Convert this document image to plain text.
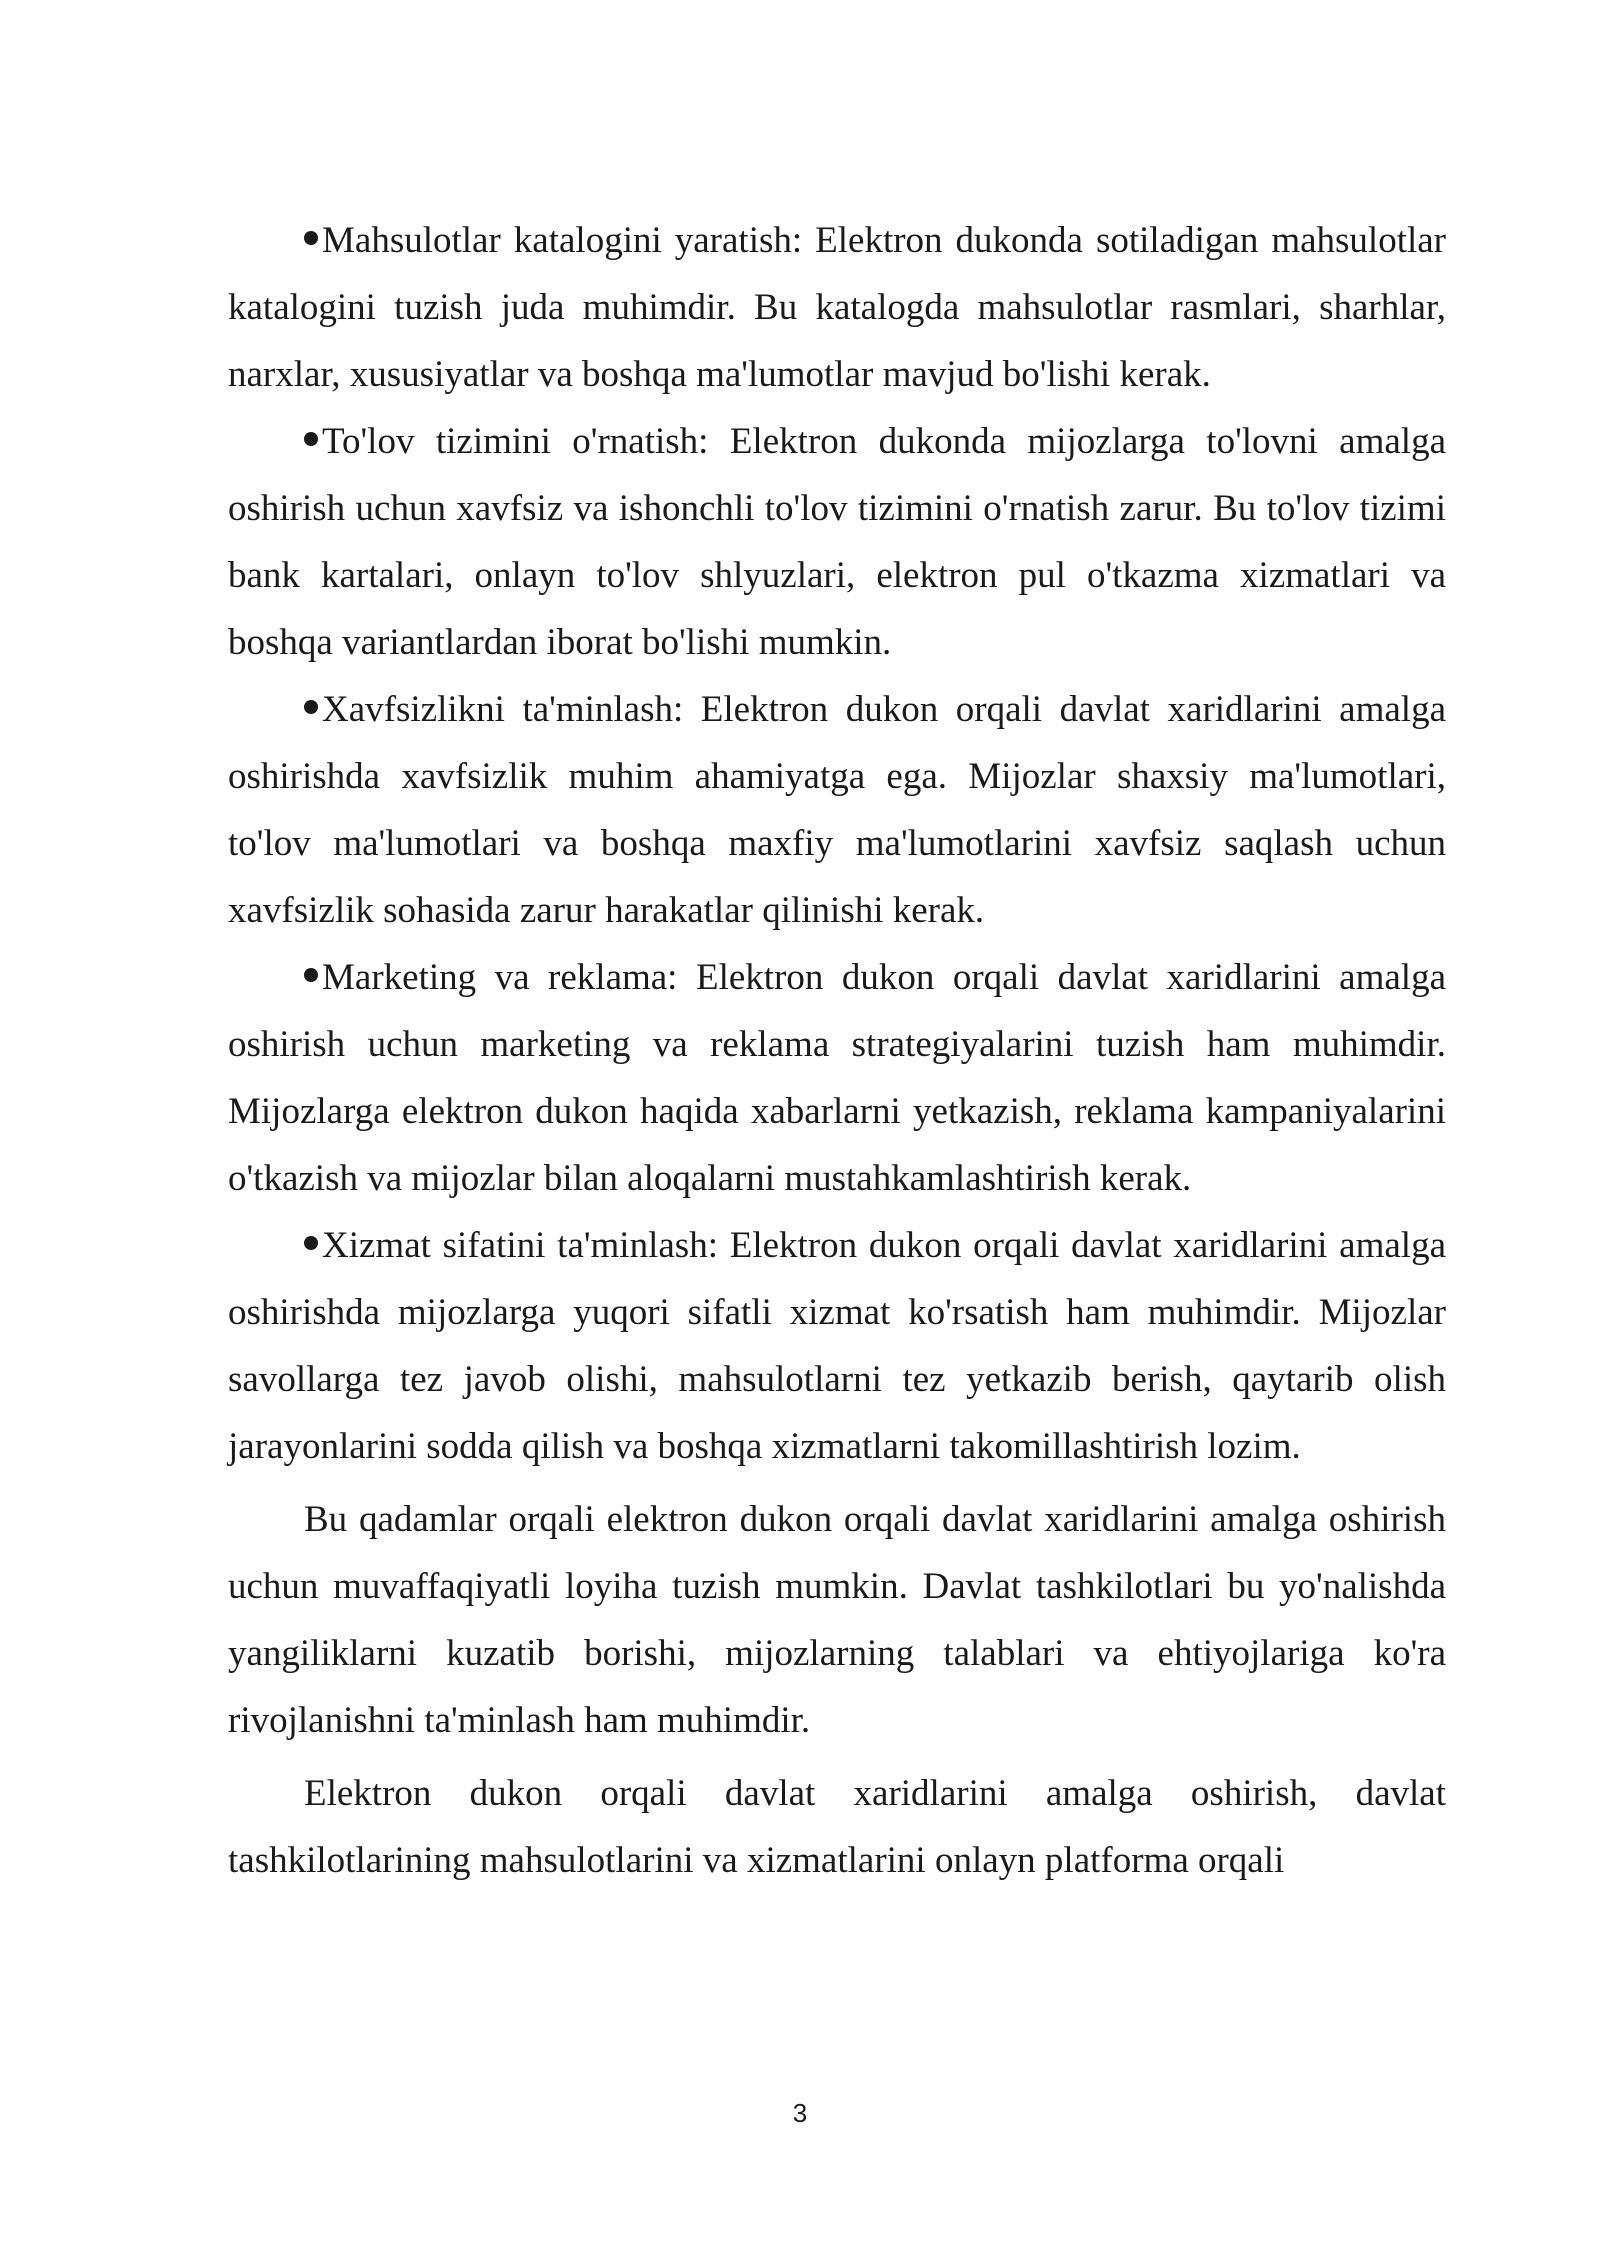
Mahsulotlar katalogini yaratish: Elektron dukonda sotiladigan mahsulotlar katalogini tuzish juda muhimdir. Bu katalogda mahsulotlar rasmlari, sharhlar, narxlar, xususiyatlar va boshqa ma'lumotlar mavjud bo'lishi kerak.

To'lov tizimini o'rnatish: Elektron dukonda mijozlarga to'lovni amalga oshirish uchun xavfsiz va ishonchli to'lov tizimini o'rnatish zarur. Bu to'lov tizimi bank kartalari, onlayn to'lov shlyuzlari, elektron pul o'tkazma xizmatlari va boshqa variantlardan iborat bo'lishi mumkin.

Xavfsizlikni ta'minlash: Elektron dukon orqali davlat xaridlarini amalga oshirishda xavfsizlik muhim ahamiyatga ega. Mijozlar shaxsiy ma'lumotlari, to'lov ma'lumotlari va boshqa maxfiy ma'lumotlarini xavfsiz saqlash uchun xavfsizlik sohasida zarur harakatlar qilinishi kerak.

Marketing va reklama: Elektron dukon orqali davlat xaridlarini amalga oshirish uchun marketing va reklama strategiyalarini tuzish ham muhimdir. Mijozlarga elektron dukon haqida xabarlarni yetkazish, reklama kampaniyalarini o'tkazish va mijozlar bilan aloqalarni mustahkamlashtirish kerak.

Xizmat sifatini ta'minlash: Elektron dukon orqali davlat xaridlarini amalga oshirishda mijozlarga yuqori sifatli xizmat ko'rsatish ham muhimdir. Mijozlar savollarga tez javob olishi, mahsulotlarni tez yetkazib berish, qaytarib olish jarayonlarini sodda qilish va boshqa xizmatlarni takomillashtirish lozim.

Bu qadamlar orqali elektron dukon orqali davlat xaridlarini amalga oshirish uchun muvaffaqiyatli loyiha tuzish mumkin. Davlat tashkilotlari bu yo'nalishda yangiliklarni kuzatib borishi, mijozlarning talablari va ehtiyojlariga ko'ra rivojlanishni ta'minlash ham muhimdir.

Elektron dukon orqali davlat xaridlarini amalga oshirish, davlat tashkilotlarining mahsulotlarini va xizmatlarini onlayn platforma orqali

3
